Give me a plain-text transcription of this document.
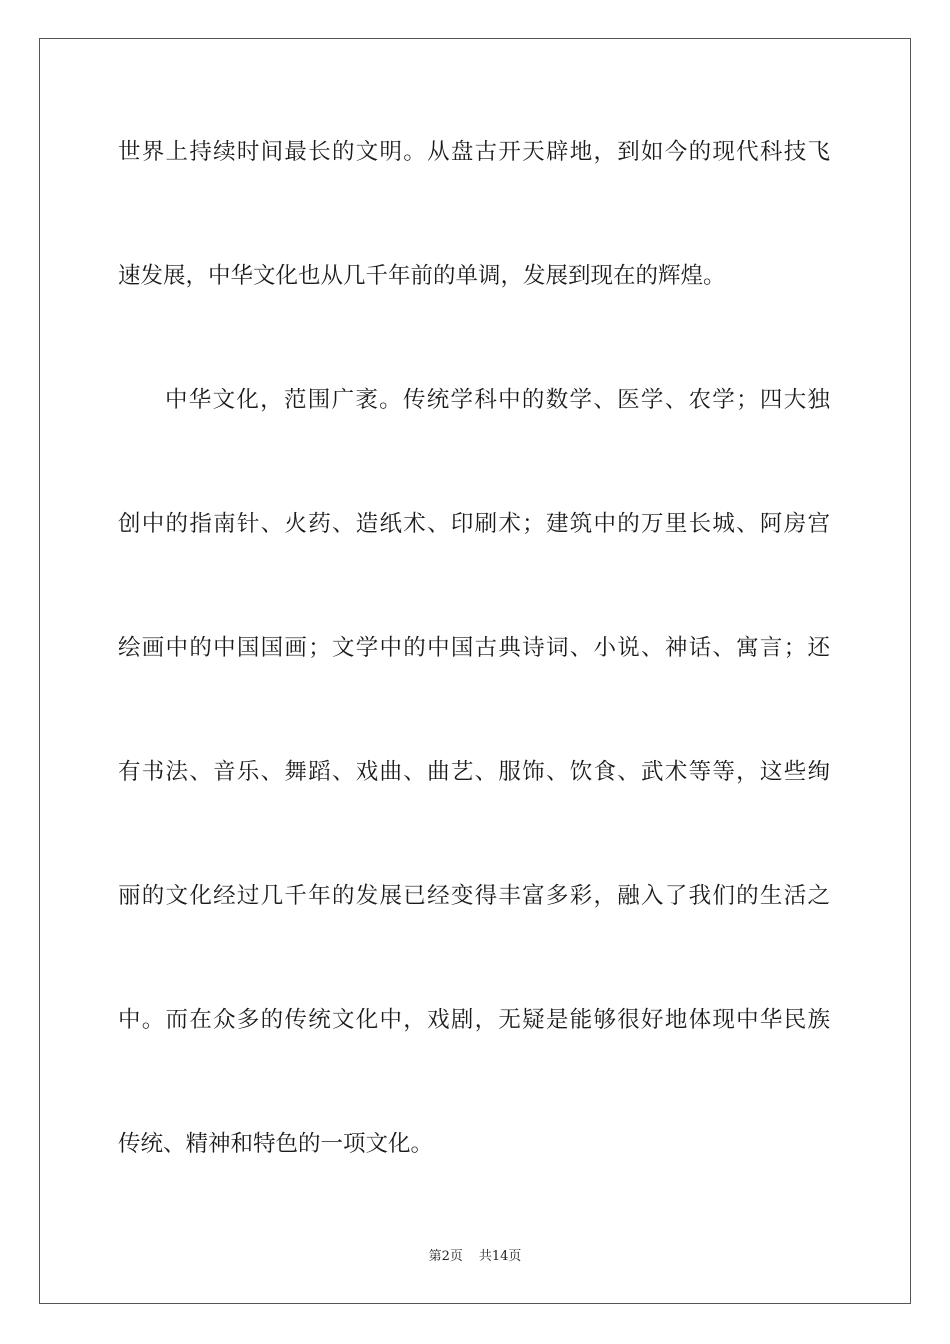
世界上持续时间最长的文明。从盘古开天辟地，到如今的现代科技飞
速发展，中华文化也从几千年前的单调，发展到现在的辉煌。
中华文化，范围广袤。传统学科中的数学、医学、农学；四大独
创中的指南针、火药、造纸术、印刷术；建筑中的万里长城、阿房宫
绘画中的中国国画；文学中的中国古典诗词、小说、神话、寓言；还
有书法、音乐、舞蹈、戏曲、曲艺、服饰、饮食、武术等等，这些绚
丽的文化经过几千年的发展已经变得丰富多彩，融入了我们的生活之
中。而在众多的传统文化中，戏剧，无疑是能够很好地体现中华民族
传统、精神和特色的一项文化。
第2页 共14页
